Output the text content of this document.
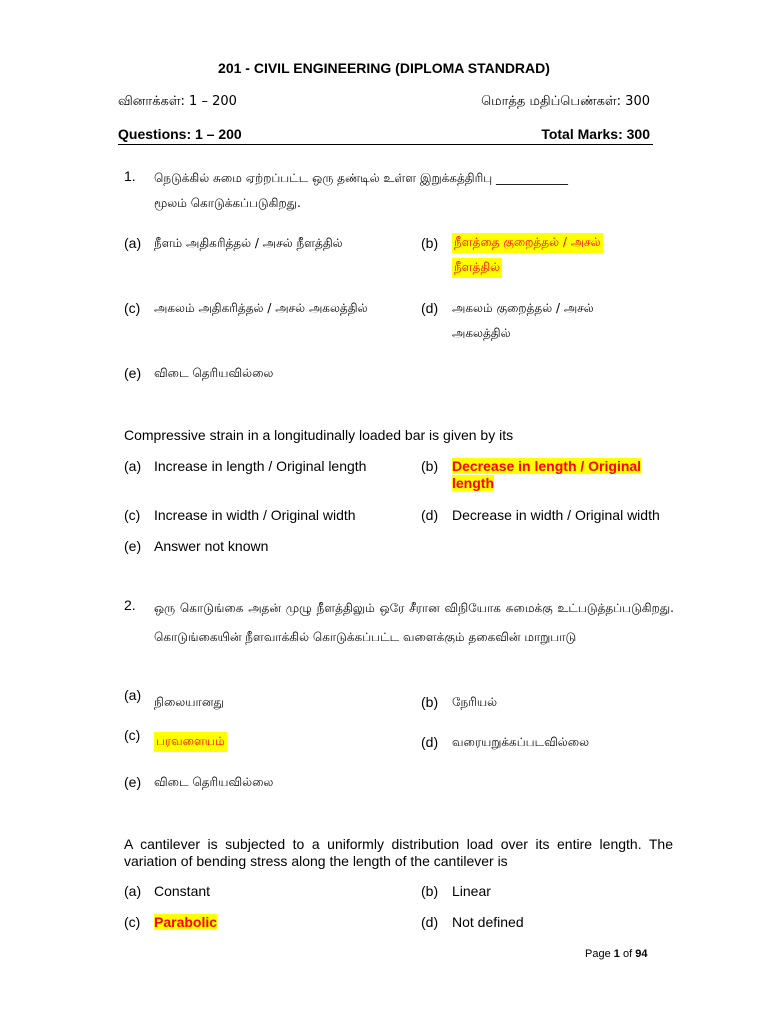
201 - CIVIL ENGINEERING (DIPLOMA STANDRAD)
வினாக்கள்: 1 – 200	மொத்த மதிப்பெண்கள்: 300
Questions: 1 – 200	Total Marks: 300
1. நெடுக்கில் சுமை ஏற்றப்பட்ட ஒரு தண்டில் உள்ள இறுக்கத்திரிபு ____________
மூலம் கொடுக்கப்படுகிறது.
(a) நீளம் அதிகரித்தல் / அசல் நீளத்தில்	(b) நீளத்தை குறைத்தல் / அசல்
நீளத்தில்
(c) அகலம் அதிகரித்தல் / அசல் அகலத்தில்	(d) அகலம் குறைத்தல் / அசல்
அகலத்தில்
(e) விடை தெரியவில்லை
Compressive strain in a longitudinally loaded bar is given by its
(a) Increase in length / Original length	(b) Decrease in length / Original length
(c) Increase in width / Original width	(d) Decrease in width / Original width
(e) Answer not known
2. ஒரு கொடுங்கை அதன் முழு நீளத்திலும் ஒரே சீரான விநியோக சுமைக்கு உட்படுத்தப்படுகிறது. கொடுங்கையின் நீளவாக்கில் கொடுக்கப்பட்ட வளைக்கும் தகைவின் மாறுபாடு
(a) நிலையானது	(b) நேரியல்
(c) பரவளையம்	(d) வரையறுக்கப்படவில்லை
(e) விடை தெரியவில்லை
A cantilever is subjected to a uniformly distribution load over its entire length. The variation of bending stress along the length of the cantilever is
(a) Constant	(b) Linear
(c) Parabolic	(d) Not defined
Page 1 of 94
